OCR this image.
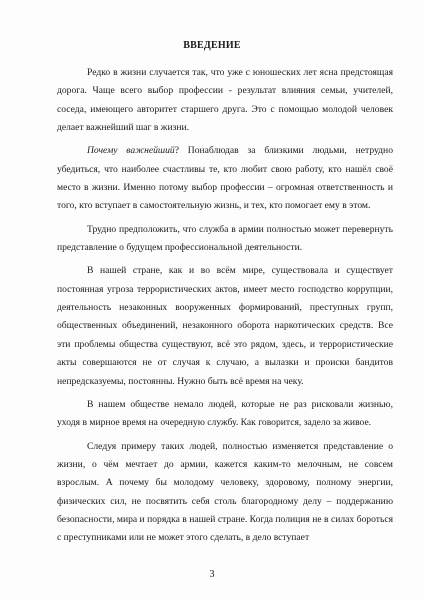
ВВЕДЕНИЕ

Редко в жизни случается так, что уже с юношеских лет ясна предстоящая дорога. Чаще всего выбор профессии - результат влияния семьи, учителей, соседа, имеющего авторитет старшего друга. Это с помощью молодой человек делает важнейший шаг в жизни.

Почему важнейший? Понаблюдав за близкими людьми, нетрудно убедиться, что наиболее счастливы те, кто любит свою работу, кто нашёл своё место в жизни. Именно потому выбор профессии – огромная ответственность и того, кто вступает в самостоятельную жизнь, и тех, кто помогает ему в этом.

Трудно предположить, что служба в армии полностью может перевернуть представление о будущем профессиональной деятельности.

В нашей стране, как и во всём мире, существовала и существует постоянная угроза террористических актов, имеет место господство коррупции, деятельность незаконных вооруженных формирований, преступных групп, общественных объединений, незаконного оборота наркотических средств. Все эти проблемы общества существуют, всё это рядом, здесь, и террористические акты совершаются не от случая к случаю, а вылазки и происки бандитов непредсказуемы, постоянны. Нужно быть всё время на чеку.

В нашем обществе немало людей, которые не раз рисковали жизнью, уходя в мирное время на очередную службу. Как говорится, задело за живое.

Следуя примеру таких людей, полностью изменяется представление о жизни, о чём мечтает до армии, кажется каким-то мелочным, не совсем взрослым. А почему бы молодому человеку, здоровому, полному энергии, физических сил, не посвятить себя столь благородному делу – поддержанию безопасности, мира и порядка в нашей стране. Когда полиция не в силах бороться с преступниками или не может этого сделать, в дело вступает

3
